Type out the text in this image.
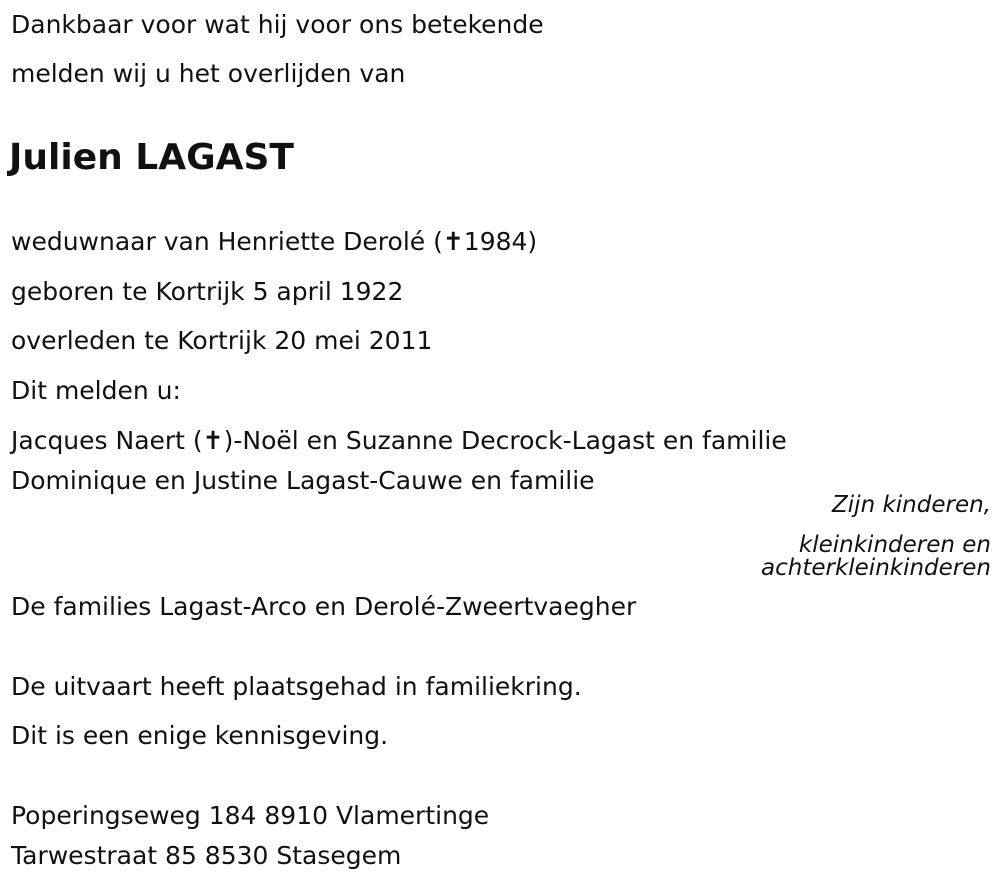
Dankbaar voor wat hij voor ons betekende
melden wij u het overlijden van
Julien LAGAST
weduwnaar van Henriette Derolé (✝1984)
geboren te Kortrijk 5 april 1922
overleden te Kortrijk 20 mei 2011
Dit melden u:
Jacques Naert (✝)-Noël en Suzanne Decrock-Lagast en familie
Dominique en Justine Lagast-Cauwe en familie
Zijn kinderen,
kleinkinderen en
achterkleinkinderen
De families Lagast-Arco en Derolé-Zweertvaegher
De uitvaart heeft plaatsgehad in familiekring.
Dit is een enige kennisgeving.
Poperingseweg 184 8910 Vlamertinge
Tarwestraat 85 8530 Stasegem
